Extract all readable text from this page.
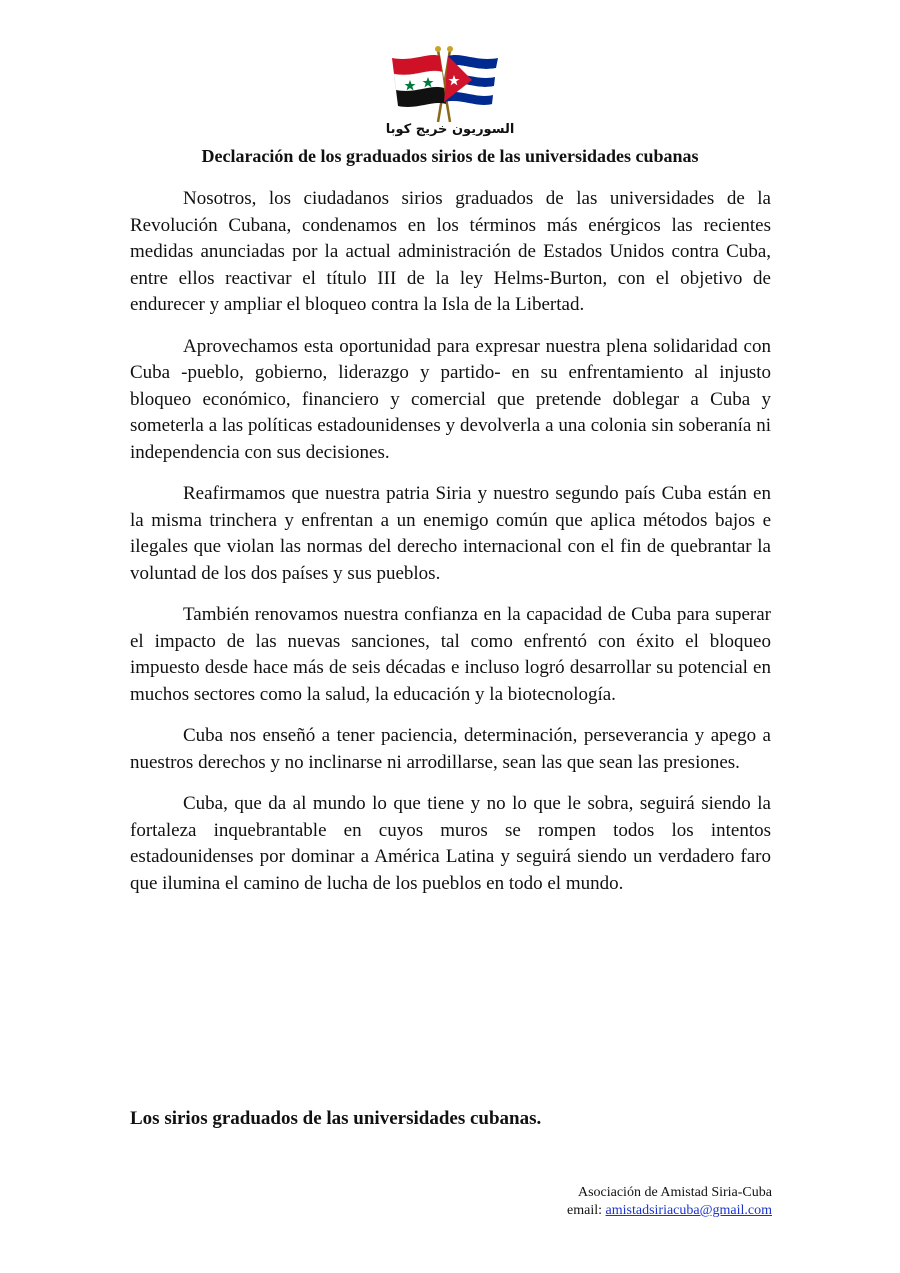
السوريون خريج كوبا
Declaración de los graduados sirios de las universidades cubanas

Nosotros, los ciudadanos sirios graduados de las universidades de la Revolución Cubana, condenamos en los términos más enérgicos las recientes medidas anunciadas por la actual administración de Estados Unidos contra Cuba, entre ellos reactivar el título III de la ley Helms-Burton, con el objetivo de endurecer y ampliar el bloqueo contra la Isla de la Libertad.

Aprovechamos esta oportunidad para expresar nuestra plena solidaridad con Cuba -pueblo, gobierno, liderazgo y partido- en su enfrentamiento al injusto bloqueo económico, financiero y comercial que pretende doblegar a Cuba y someterla a las políticas estadounidenses y devolverla a una colonia sin soberanía ni independencia con sus decisiones.

Reafirmamos que nuestra patria Siria y nuestro segundo país Cuba están en la misma trinchera y enfrentan a un enemigo común que aplica métodos bajos e ilegales que violan las normas del derecho internacional con el fin de quebrantar la voluntad de los dos países y sus pueblos.

También renovamos nuestra confianza en la capacidad de Cuba para superar el impacto de las nuevas sanciones, tal como enfrentó con éxito el bloqueo impuesto desde hace más de seis décadas e incluso logró desarrollar su potencial en muchos sectores como la salud, la educación y la biotecnología.

Cuba nos enseñó a tener paciencia, determinación, perseverancia y apego a nuestros derechos y no inclinarse ni arrodillarse, sean las que sean las presiones.

Cuba, que da al mundo lo que tiene y no lo que le sobra, seguirá siendo la fortaleza inquebrantable en cuyos muros se rompen todos los intentos estadounidenses por dominar a América Latina y seguirá siendo un verdadero faro que ilumina el camino de lucha de los pueblos en todo el mundo.

Los sirios graduados de las universidades cubanas.
Asociación de Amistad Siria-Cuba
email: amistadsiriacuba@gmail.com
